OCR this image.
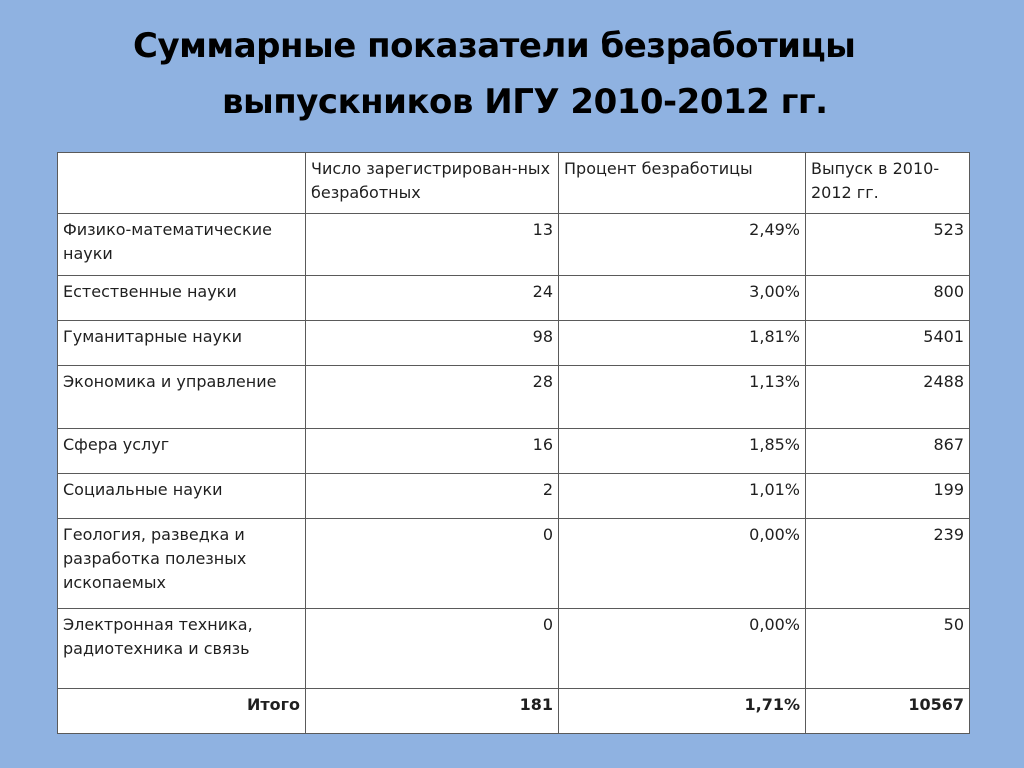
Суммарные показатели безработицы
выпускников ИГУ 2010-2012 гг.
	Число зарегистрирован-ных безработных	Процент безработицы	Выпуск в 2010-2012 гг.
Физико-математические науки	13	2,49%	523
Естественные науки	24	3,00%	800
Гуманитарные науки	98	1,81%	5401
Экономика и управление	28	1,13%	2488
Сфера услуг	16	1,85%	867
Социальные науки	2	1,01%	199
Геология, разведка и разработка полезных ископаемых	0	0,00%	239
Электронная техника, радиотехника и связь	0	0,00%	50
Итого	181	1,71%	10567
